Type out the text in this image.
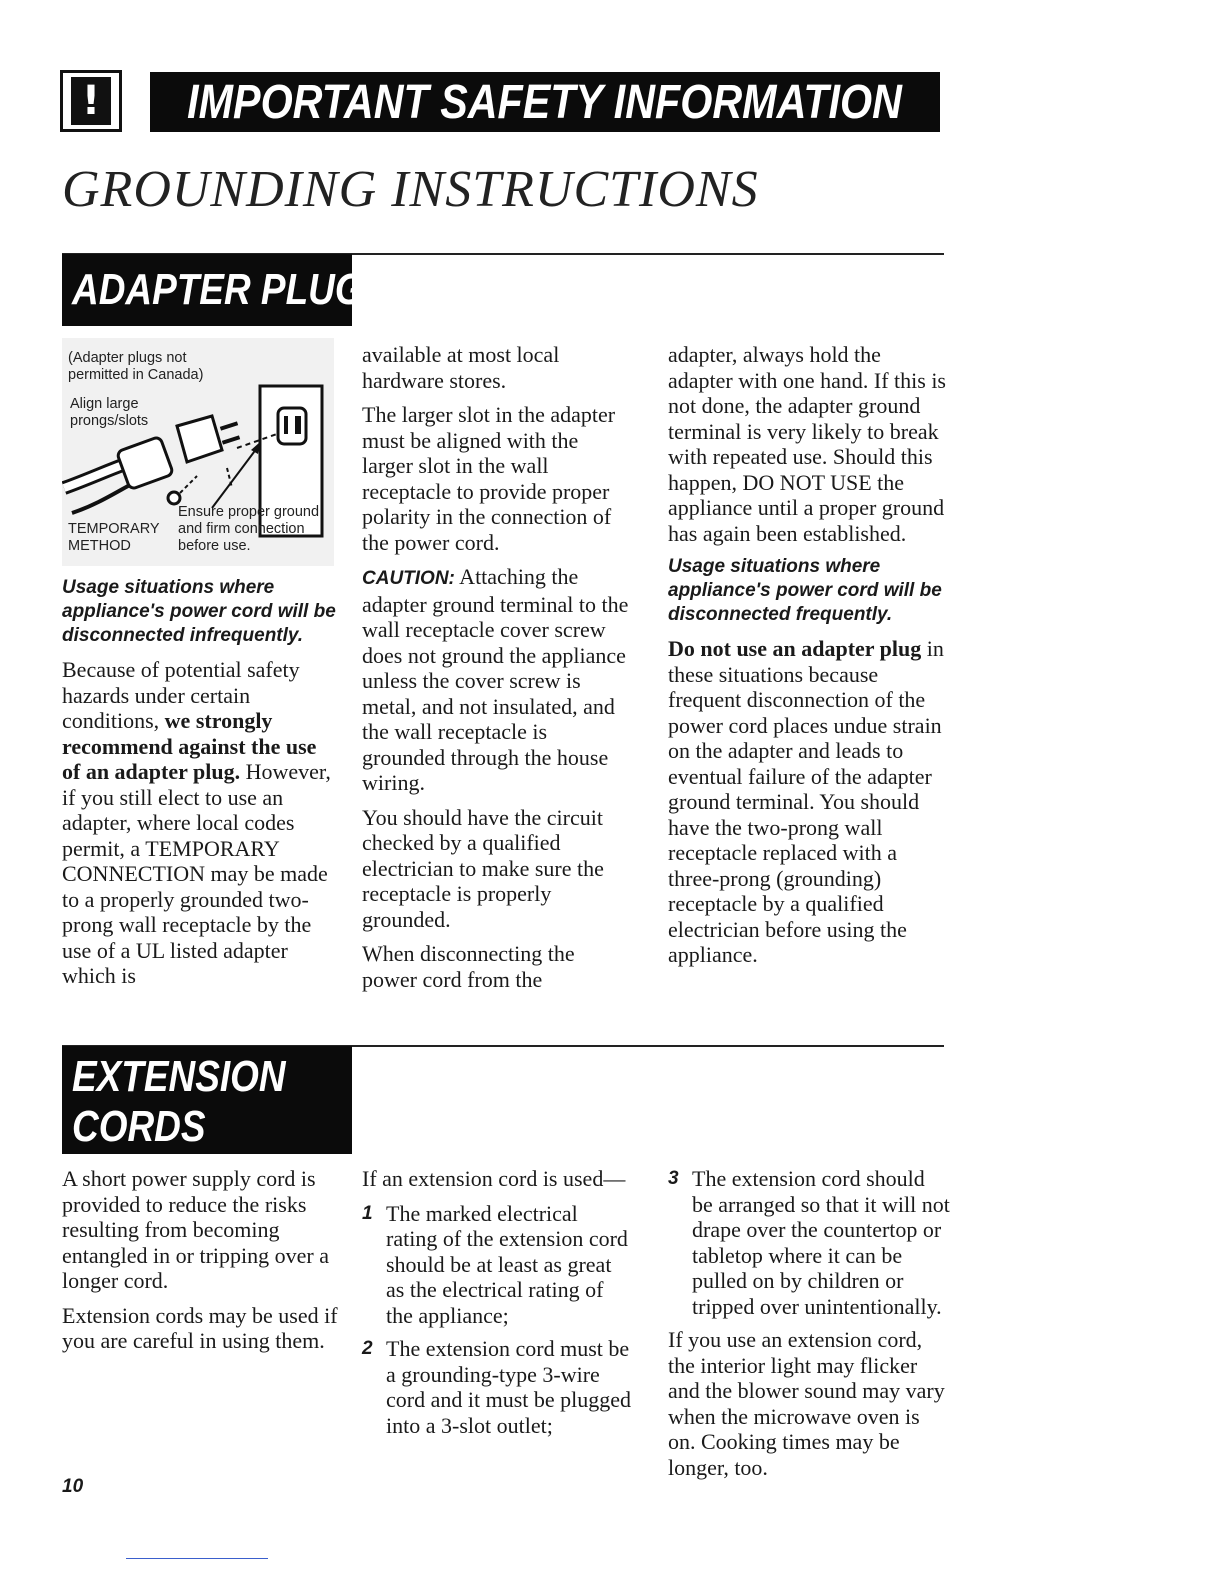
! IMPORTANT SAFETY INFORMATION
GROUNDING INSTRUCTIONS
ADAPTER PLUGS
(Adapter plugs not
permitted in Canada)
Align large
prongs/slots
Ensure proper ground
and firm connection
before use.
TEMPORARY
METHOD

Usage situations where appliance's power cord will be disconnected infrequently.

Because of potential safety hazards under certain conditions, we strongly recommend against the use of an adapter plug. However, if you still elect to use an adapter, where local codes permit, a TEMPORARY CONNECTION may be made to a properly grounded two-prong wall receptacle by the use of a UL listed adapter which is

available at most local hardware stores.

The larger slot in the adapter must be aligned with the larger slot in the wall receptacle to provide proper polarity in the connection of the power cord.

CAUTION: Attaching the adapter ground terminal to the wall receptacle cover screw does not ground the appliance unless the cover screw is metal, and not insulated, and the wall receptacle is grounded through the house wiring.

You should have the circuit checked by a qualified electrician to make sure the receptacle is properly grounded.

When disconnecting the power cord from the

adapter, always hold the adapter with one hand. If this is not done, the adapter ground terminal is very likely to break with repeated use. Should this happen, DO NOT USE the appliance until a proper ground has again been established.

Usage situations where appliance's power cord will be disconnected frequently.

Do not use an adapter plug in these situations because frequent disconnection of the power cord places undue strain on the adapter and leads to eventual failure of the adapter ground terminal. You should have the two-prong wall receptacle replaced with a three-prong (grounding) receptacle by a qualified electrician before using the appliance.

EXTENSION
CORDS

A short power supply cord is provided to reduce the risks resulting from becoming entangled in or tripping over a longer cord.

Extension cords may be used if you are careful in using them.

If an extension cord is used—

1 The marked electrical rating of the extension cord should be at least as great as the electrical rating of the appliance;
2 The extension cord must be a grounding-type 3-wire cord and it must be plugged into a 3-slot outlet;
3 The extension cord should be arranged so that it will not drape over the countertop or tabletop where it can be pulled on by children or tripped over unintentionally.

If you use an extension cord, the interior light may flicker and the blower sound may vary when the microwave oven is on. Cooking times may be longer, too.

10
